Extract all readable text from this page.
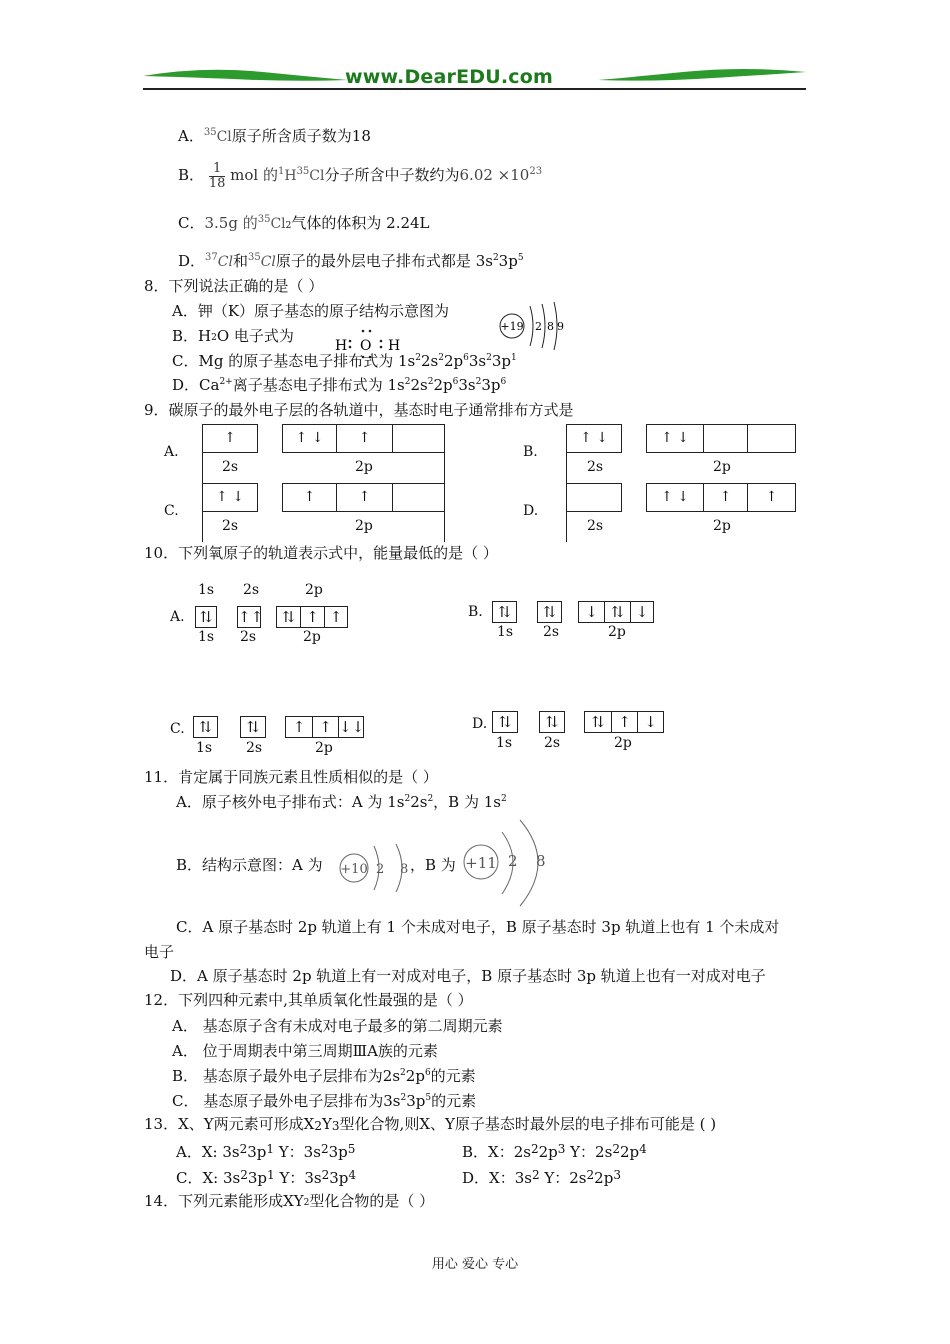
www.DearEDU.com
A．$^{35}$Cl原子所含质子数为18
B． $\frac{1}{18}$ mol 的$^1H^{35}Cl$分子所含中子数约为$6.02 \times 10^{23}$
C．3.5g 的$^{35}Cl_2$气体的体积为 2.24L
D．$^{37}$Cl和$^{35}$Cl原子的最外层电子排布式都是 $3s^23p^5$
8．下列说法正确的是（ ）
A．钾（K）原子基态的原子结构示意图为
+19 2 8 9
B．$H_2O$ 电子式为
H O H
C．Mg 的原子基态电子排布式为 $1s^22s^22p^63s^23p^1$
D．$Ca^{2+}$离子基态电子排布式为 $1s^22s^22p^63s^23p^6$
9．碳原子的最外电子层的各轨道中，基态时电子通常排布方式是
A.
↑	↑ ↓	↑
2s	2p
B.
↑ ↓	↑ ↓
2s	2p
C.
↑ ↓	↑	↑
2s	2p
D.
↑ ↓	↑	↑
2s	2p
10．下列氧原子的轨道表示式中，能量最低的是（ ）
1s 2s	2p
A.	⇅	↑↑	⇅ ↑ ↑
1s 2s	2p
B.	⇅	⇅	↓ ⇅ ↓
1s 2s	2p
C. ⇅	⇅	↑ ↑ ↓↓
1s 2s	2p
D. ⇅	⇅	⇅ ↑ ↓
1s 2s	2p
11．肯定属于同族元素且性质相似的是（ ）
A．原子核外电子排布式：A 为 $1s^22s^2$，B 为 $1s^2$
B．结构示意图：A 为 +10 2 8 ，B 为 +11 2 8
C．A 原子基态时 2p 轨道上有 1 个未成对电子，B 原子基态时 3p 轨道上也有 1 个未成对
电子
D．A 原子基态时 2p 轨道上有一对成对电子，B 原子基态时 3p 轨道上也有一对成对电子
12．下列四种元素中,其单质氧化性最强的是（ ）
A． 基态原子含有未成对电子最多的第二周期元素
A． 位于周期表中第三周期ⅢA族的元素
B． 基态原子最外电子层排布为$2s^22p^6$的元素
C． 基态原子最外电子层排布为$3s^23p^5$的元素
13．X、Y两元素可形成$X_2Y_3$型化合物,则X、Y原子基态时最外层的电子排布可能是 ( )
A．X: $3s^23p^1$ Y：$3s^23p^5$	B．X：$2s^22p^3$ Y：$2s^22p^4$
C．X: $3s^23p^1$ Y：$3s^23p^4$	D．X：$3s^2$ Y：$2s^22p^3$
14．下列元素能形成$XY_2$型化合物的是（ ）
用心 爱心 专心
